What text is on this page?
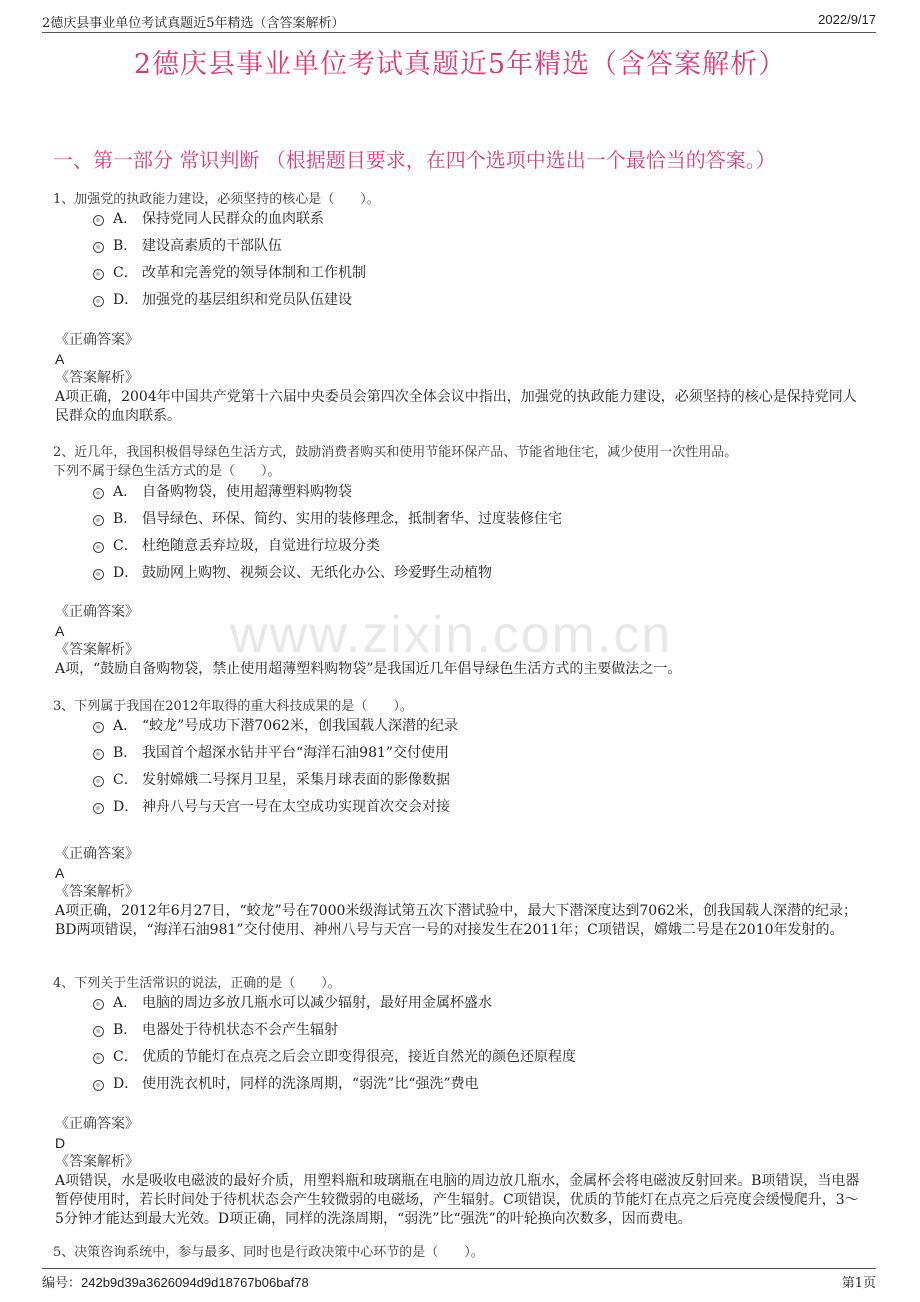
2德庆县事业单位考试真题近5年精选（含答案解析）	2022/9/17
2德庆县事业单位考试真题近5年精选（含答案解析）
一、第一部分 常识判断 （根据题目要求，在四个选项中选出一个最恰当的答案。）
www.zixin.com.cn
1、加强党的执政能力建设，必须坚持的核心是（　　）。
A． 保持党同人民群众的血肉联系
B． 建设高素质的干部队伍
C． 改革和完善党的领导体制和工作机制
D． 加强党的基层组织和党员队伍建设
《正确答案》
A
《答案解析》
A项正确，2004年中国共产党第十六届中央委员会第四次全体会议中指出，加强党的执政能力建设，必须坚持的核心是保持党同人民群众的血肉联系。
2、近几年，我国积极倡导绿色生活方式，鼓励消费者购买和使用节能环保产品、节能省地住宅，减少使用一次性用品。
下列不属于绿色生活方式的是（　　）。
A． 自备购物袋，使用超薄塑料购物袋
B． 倡导绿色、环保、简约、实用的装修理念，抵制奢华、过度装修住宅
C． 杜绝随意丢弃垃圾，自觉进行垃圾分类
D． 鼓励网上购物、视频会议、无纸化办公、珍爱野生动植物
《正确答案》
A
《答案解析》
A项，“鼓励自备购物袋，禁止使用超薄塑料购物袋”是我国近几年倡导绿色生活方式的主要做法之一。
3、下列属于我国在2012年取得的重大科技成果的是（　　）。
A． “蛟龙”号成功下潜7062米，创我国载人深潜的纪录
B． 我国首个超深水钻井平台“海洋石油981”交付使用
C． 发射嫦娥二号探月卫星，采集月球表面的影像数据
D． 神舟八号与天宫一号在太空成功实现首次交会对接
《正确答案》
A
《答案解析》
A项正确，2012年6月27日，“蛟龙”号在7000米级海试第五次下潜试验中，最大下潜深度达到7062米，创我国载人深潜的纪录；BD两项错误，“海洋石油981”交付使用、神州八号与天宫一号的对接发生在2011年；C项错误，嫦娥二号是在2010年发射的。
4、下列关于生活常识的说法，正确的是（　　）。
A． 电脑的周边多放几瓶水可以减少辐射，最好用金属杯盛水
B． 电器处于待机状态不会产生辐射
C． 优质的节能灯在点亮之后会立即变得很亮，接近自然光的颜色还原程度
D． 使用洗衣机时，同样的洗涤周期，“弱洗”比“强洗”费电
《正确答案》
D
《答案解析》
A项错误，水是吸收电磁波的最好介质，用塑料瓶和玻璃瓶在电脑的周边放几瓶水，金属杯会将电磁波反射回来。B项错误，当电器暂停使用时，若长时间处于待机状态会产生较微弱的电磁场，产生辐射。C项错误，优质的节能灯在点亮之后亮度会缓慢爬升，3～5分钟才能达到最大光效。D项正确，同样的洗涤周期，“弱洗”比“强洗”的叶轮换向次数多，因而费电。
5、决策咨询系统中，参与最多、同时也是行政决策中心环节的是（　　）。
编号：242b9d39a3626094d9d18767b06baf78	第1页
